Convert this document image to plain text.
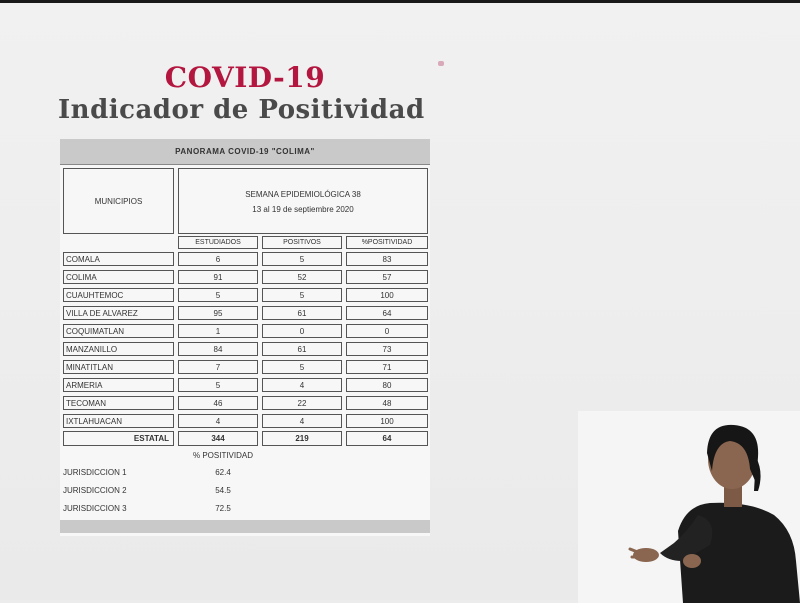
COVID-19
Indicador de Positividad
PANORAMA COVID-19 "COLIMA"
MUNICIPIOS
SEMANA EPIDEMIOLÓGICA 38
13 al 19 de septiembre 2020
ESTUDIADOS	POSITIVOS	%POSITIVIDAD
COMALA	6	5	83
COLIMA	91	52	57
CUAUHTEMOC	5	5	100
VILLA DE ALVAREZ	95	61	64
COQUIMATLAN	1	0	0
MANZANILLO	84	61	73
MINATITLAN	7	5	71
ARMERIA	5	4	80
TECOMAN	46	22	48
IXTLAHUACAN	4	4	100
ESTATAL	344	219	64
% POSITIVIDAD
JURISDICCION 1	62.4
JURISDICCION 2	54.5
JURISDICCION 3	72.5
